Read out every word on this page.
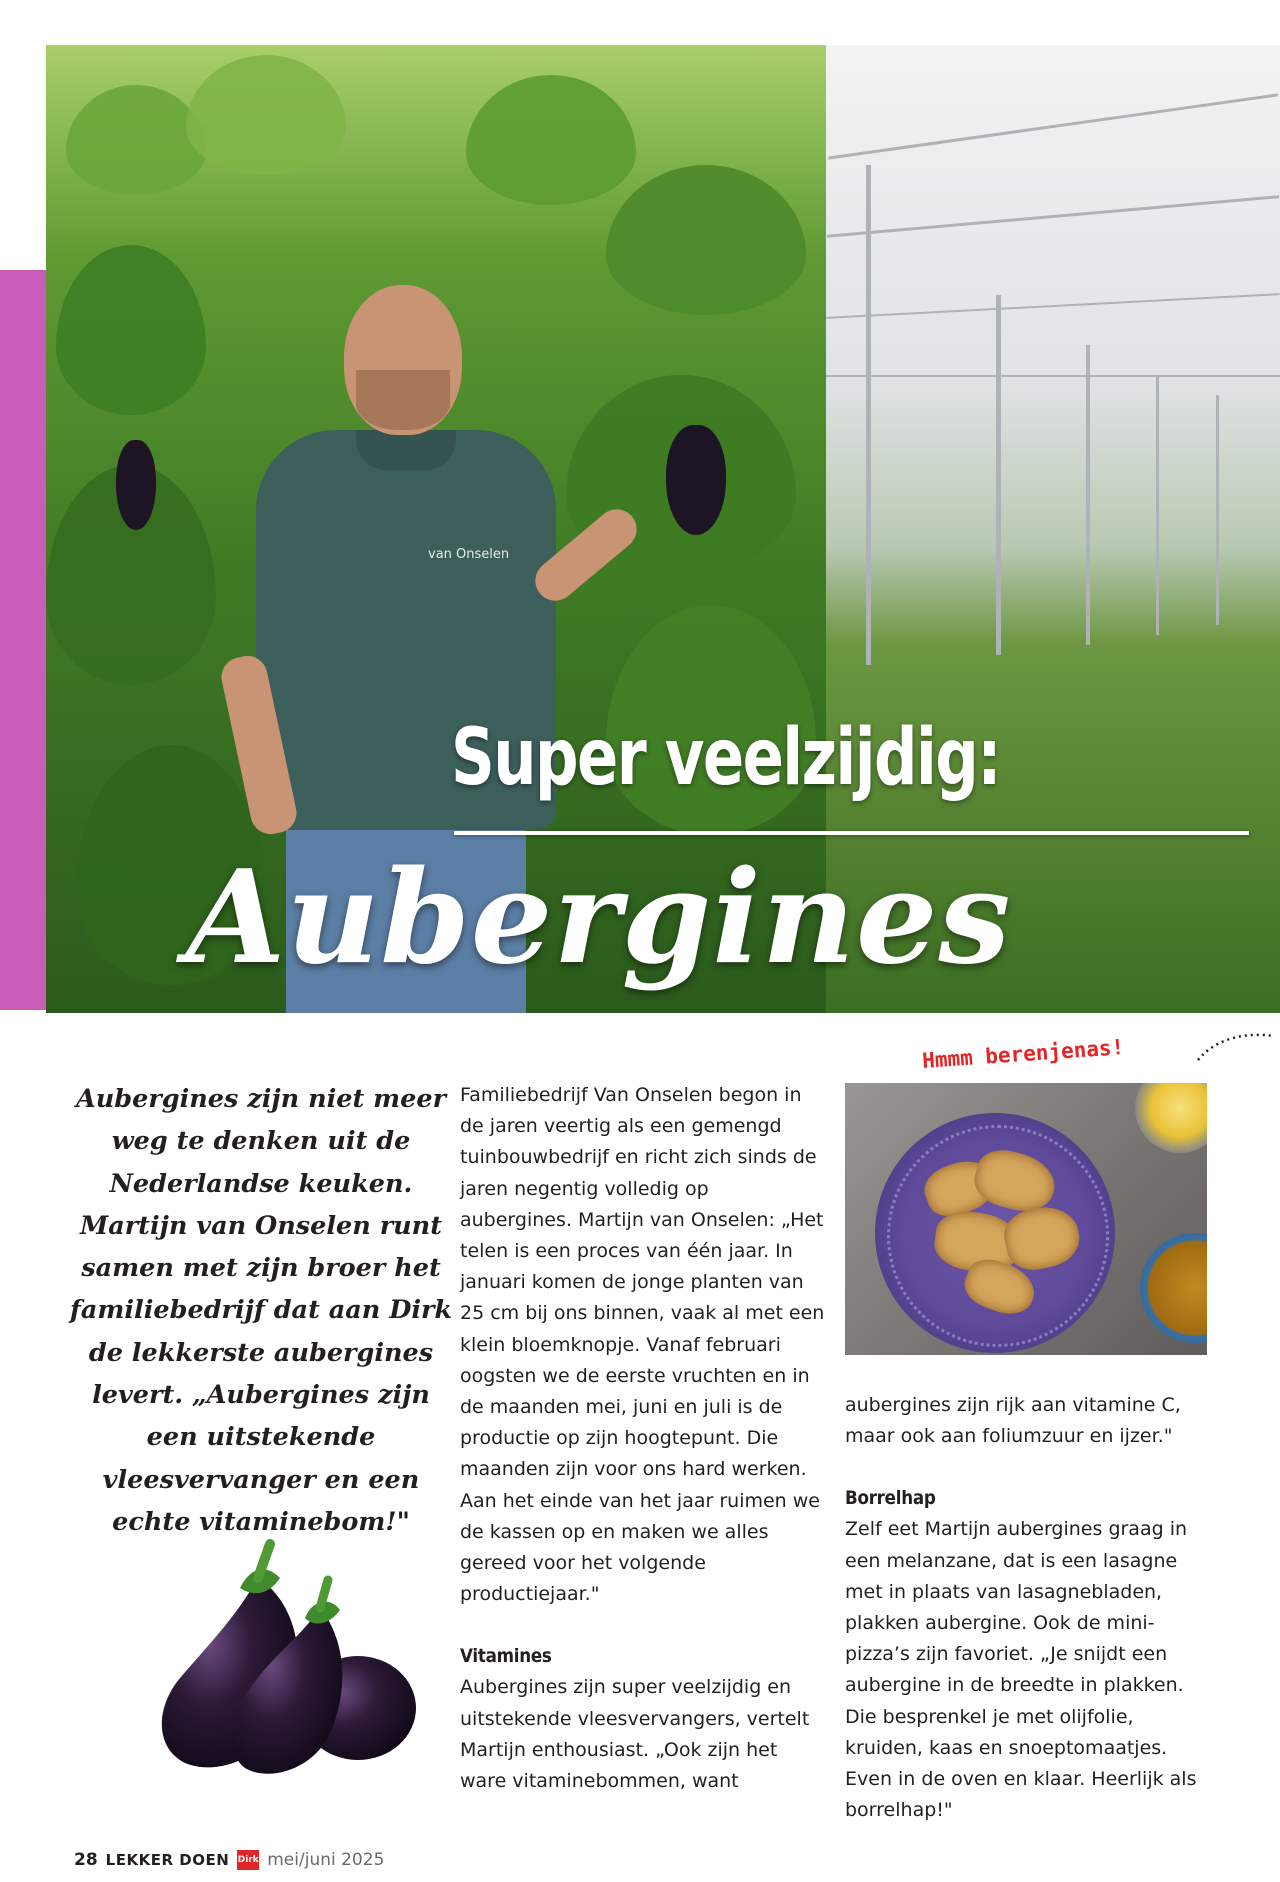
van Onselen
Super veelzijdig:
Aubergines
Aubergines zijn niet meer weg te denken uit de Nederlandse keuken. Martijn van Onselen runt samen met zijn broer het familiebedrijf dat aan Dirk de lekkerste aubergines levert. „Aubergines zijn een uitstekende vleesvervanger en een echte vitaminebom!"

Familiebedrijf Van Onselen begon in de jaren veertig als een gemengd tuinbouwbedrijf en richt zich sinds de jaren negentig volledig op aubergines. Martijn van Onselen: „Het telen is een proces van één jaar. In januari komen de jonge planten van 25 cm bij ons binnen, vaak al met een klein bloemknopje. Vanaf februari oogsten we de eerste vruchten en in de maanden mei, juni en juli is de productie op zijn hoogtepunt. Die maanden zijn voor ons hard werken. Aan het einde van het jaar ruimen we de kassen op en maken we alles gereed voor het volgende productiejaar."

Vitamines

Aubergines zijn super veelzijdig en uitstekende vleesvervangers, vertelt Martijn enthousiast. „Ook zijn het ware vitaminebommen, want

Hmmm berenjenas!

aubergines zijn rijk aan vitamine C, maar ook aan foliumzuur en ijzer."

Borrelhap

Zelf eet Martijn aubergines graag in een melanzane, dat is een lasagne met in plaats van lasagnebladen, plakken aubergine. Ook de mini-pizza’s zijn favoriet. „Je snijdt een aubergine in de breedte in plakken. Die besprenkel je met olijfolie, kruiden, kaas en snoeptomaatjes. Even in de oven en klaar. Heerlijk als borrelhap!"

28 LEKKER DOEN Dirk mei/juni 2025
